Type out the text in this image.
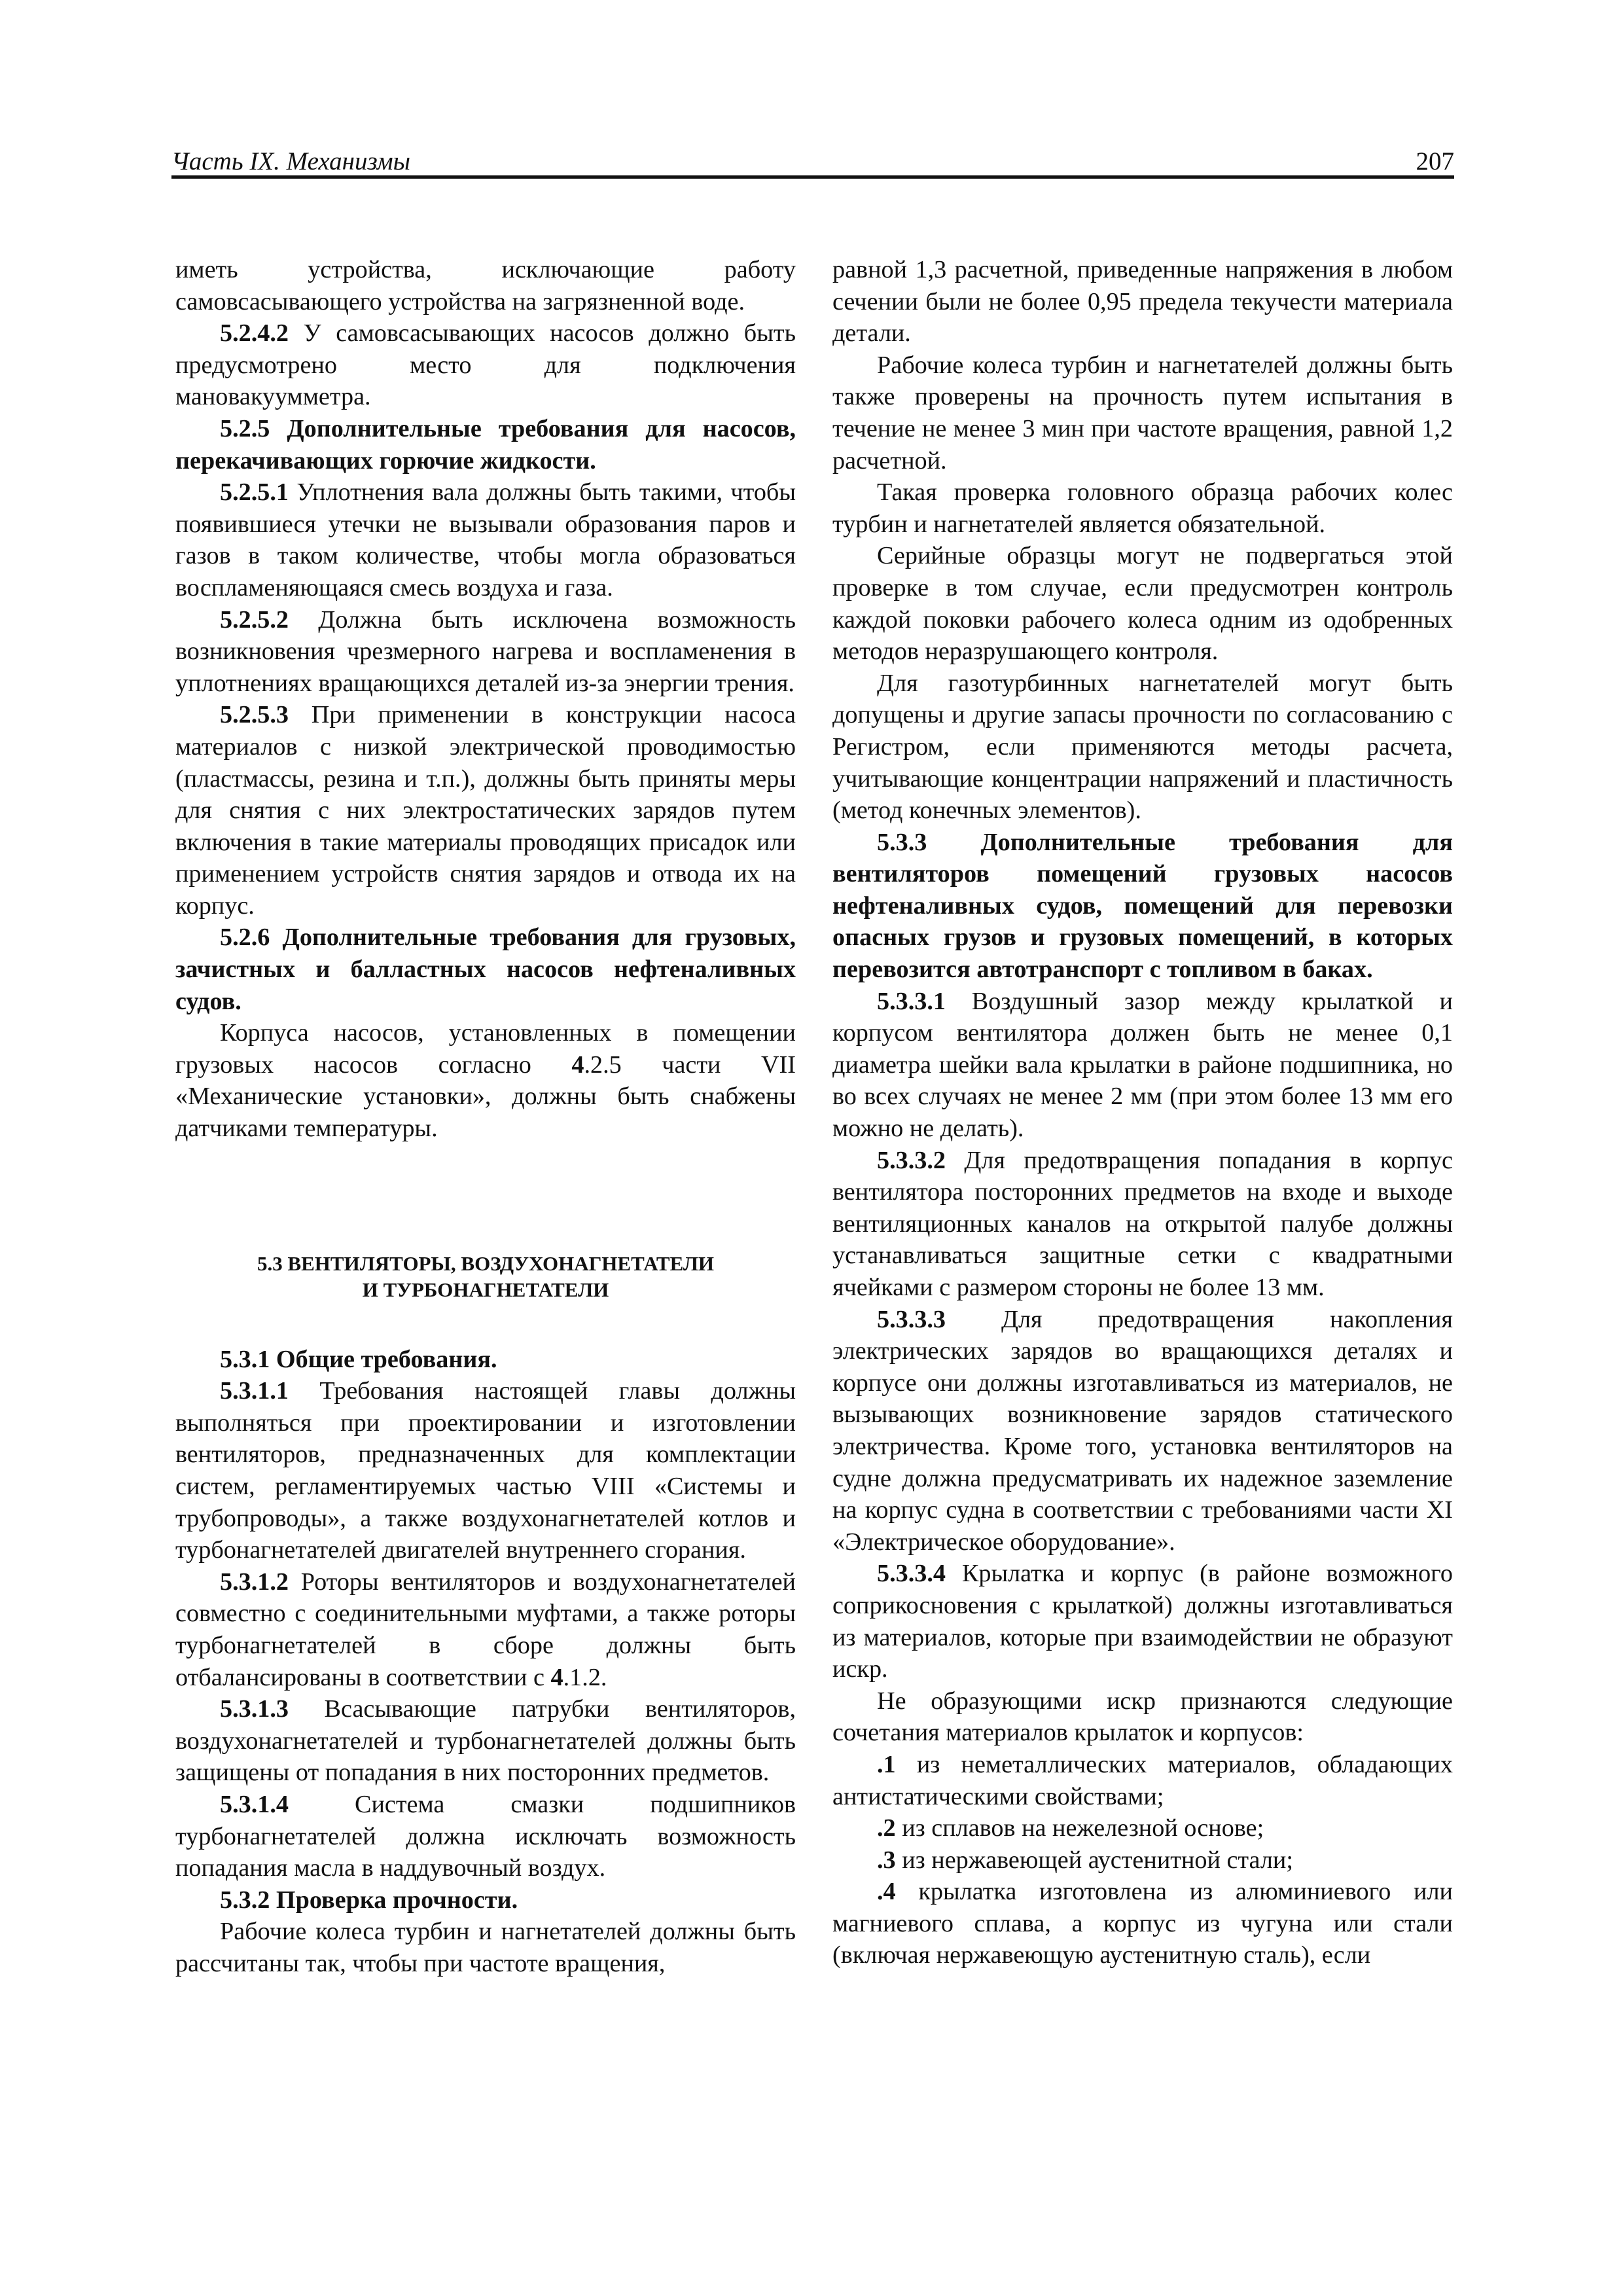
Часть IX. Механизмы	207

иметь устройства, исключающие работу самовсасывающего устройства на загрязненной воде.

5.2.4.2 У самовсасывающих насосов должно быть предусмотрено место для подключения мановакуумметра.

5.2.5 Дополнительные требования для насосов, перекачивающих горючие жидкости.

5.2.5.1 Уплотнения вала должны быть такими, чтобы появившиеся утечки не вызывали образования паров и газов в таком количестве, чтобы могла образоваться воспламеняющаяся смесь воздуха и газа.

5.2.5.2 Должна быть исключена возможность возникновения чрезмерного нагрева и воспламенения в уплотнениях вращающихся деталей из-за энергии трения.

5.2.5.3 При применении в конструкции насоса материалов с низкой электрической проводимостью (пластмассы, резина и т.п.), должны быть приняты меры для снятия с них электростатических зарядов путем включения в такие материалы проводящих присадок или применением устройств снятия зарядов и отвода их на корпус.

5.2.6 Дополнительные требования для грузовых, зачистных и балластных насосов нефтеналивных судов.

Корпуса насосов, установленных в помещении грузовых насосов согласно 4.2.5 части VII «Механические установки», должны быть снабжены датчиками температуры.

5.3 ВЕНТИЛЯТОРЫ, ВОЗДУХОНАГНЕТАТЕЛИ
И ТУРБОНАГНЕТАТЕЛИ

5.3.1 Общие требования.

5.3.1.1 Требования настоящей главы должны выполняться при проектировании и изготовлении вентиляторов, предназначенных для комплектации систем, регламентируемых частью VIII «Системы и трубопроводы», а также воздухонагнетателей котлов и турбонагнетателей двигателей внутреннего сгорания.

5.3.1.2 Роторы вентиляторов и воздухонагнетателей совместно с соединительными муфтами, а также роторы турбонагнетателей в сборе должны быть отбалансированы в соответствии с 4.1.2.

5.3.1.3 Всасывающие патрубки вентиляторов, воздухонагнетателей и турбонагнетателей должны быть защищены от попадания в них посторонних предметов.

5.3.1.4 Система смазки подшипников турбонагнетателей должна исключать возможность попадания масла в наддувочный воздух.

5.3.2 Проверка прочности.

Рабочие колеса турбин и нагнетателей должны быть рассчитаны так, чтобы при частоте вращения,

равной 1,3 расчетной, приведенные напряжения в любом сечении были не более 0,95 предела текучести материала детали.

Рабочие колеса турбин и нагнетателей должны быть также проверены на прочность путем испытания в течение не менее 3 мин при частоте вращения, равной 1,2 расчетной.

Такая проверка головного образца рабочих колес турбин и нагнетателей является обязательной.

Серийные образцы могут не подвергаться этой проверке в том случае, если предусмотрен контроль каждой поковки рабочего колеса одним из одобренных методов неразрушающего контроля.

Для газотурбинных нагнетателей могут быть допущены и другие запасы прочности по согласованию с Регистром, если применяются методы расчета, учитывающие концентрации напряжений и пластичность (метод конечных элементов).

5.3.3 Дополнительные требования для вентиляторов помещений грузовых насосов нефтеналивных судов, помещений для перевозки опасных грузов и грузовых помещений, в которых перевозится автотранспорт с топливом в баках.

5.3.3.1 Воздушный зазор между крылаткой и корпусом вентилятора должен быть не менее 0,1 диаметра шейки вала крылатки в районе подшипника, но во всех случаях не менее 2 мм (при этом более 13 мм его можно не делать).

5.3.3.2 Для предотвращения попадания в корпус вентилятора посторонних предметов на входе и выходе вентиляционных каналов на открытой палубе должны устанавливаться защитные сетки с квадратными ячейками с размером стороны не более 13 мм.

5.3.3.3 Для предотвращения накопления электрических зарядов во вращающихся деталях и корпусе они должны изготавливаться из материалов, не вызывающих возникновение зарядов статического электричества. Кроме того, установка вентиляторов на судне должна предусматривать их надежное заземление на корпус судна в соответствии с требованиями части XI «Электрическое оборудование».

5.3.3.4 Крылатка и корпус (в районе возможного соприкосновения с крылаткой) должны изготавливаться из материалов, которые при взаимодействии не образуют искр.

Не образующими искр признаются следующие сочетания материалов крылаток и корпусов:

.1 из неметаллических материалов, обладающих антистатическими свойствами;

.2 из сплавов на нежелезной основе;

.3 из нержавеющей аустенитной стали;

.4 крылатка изготовлена из алюминиевого или магниевого сплава, а корпус из чугуна или стали (включая нержавеющую аустенитную сталь), если
